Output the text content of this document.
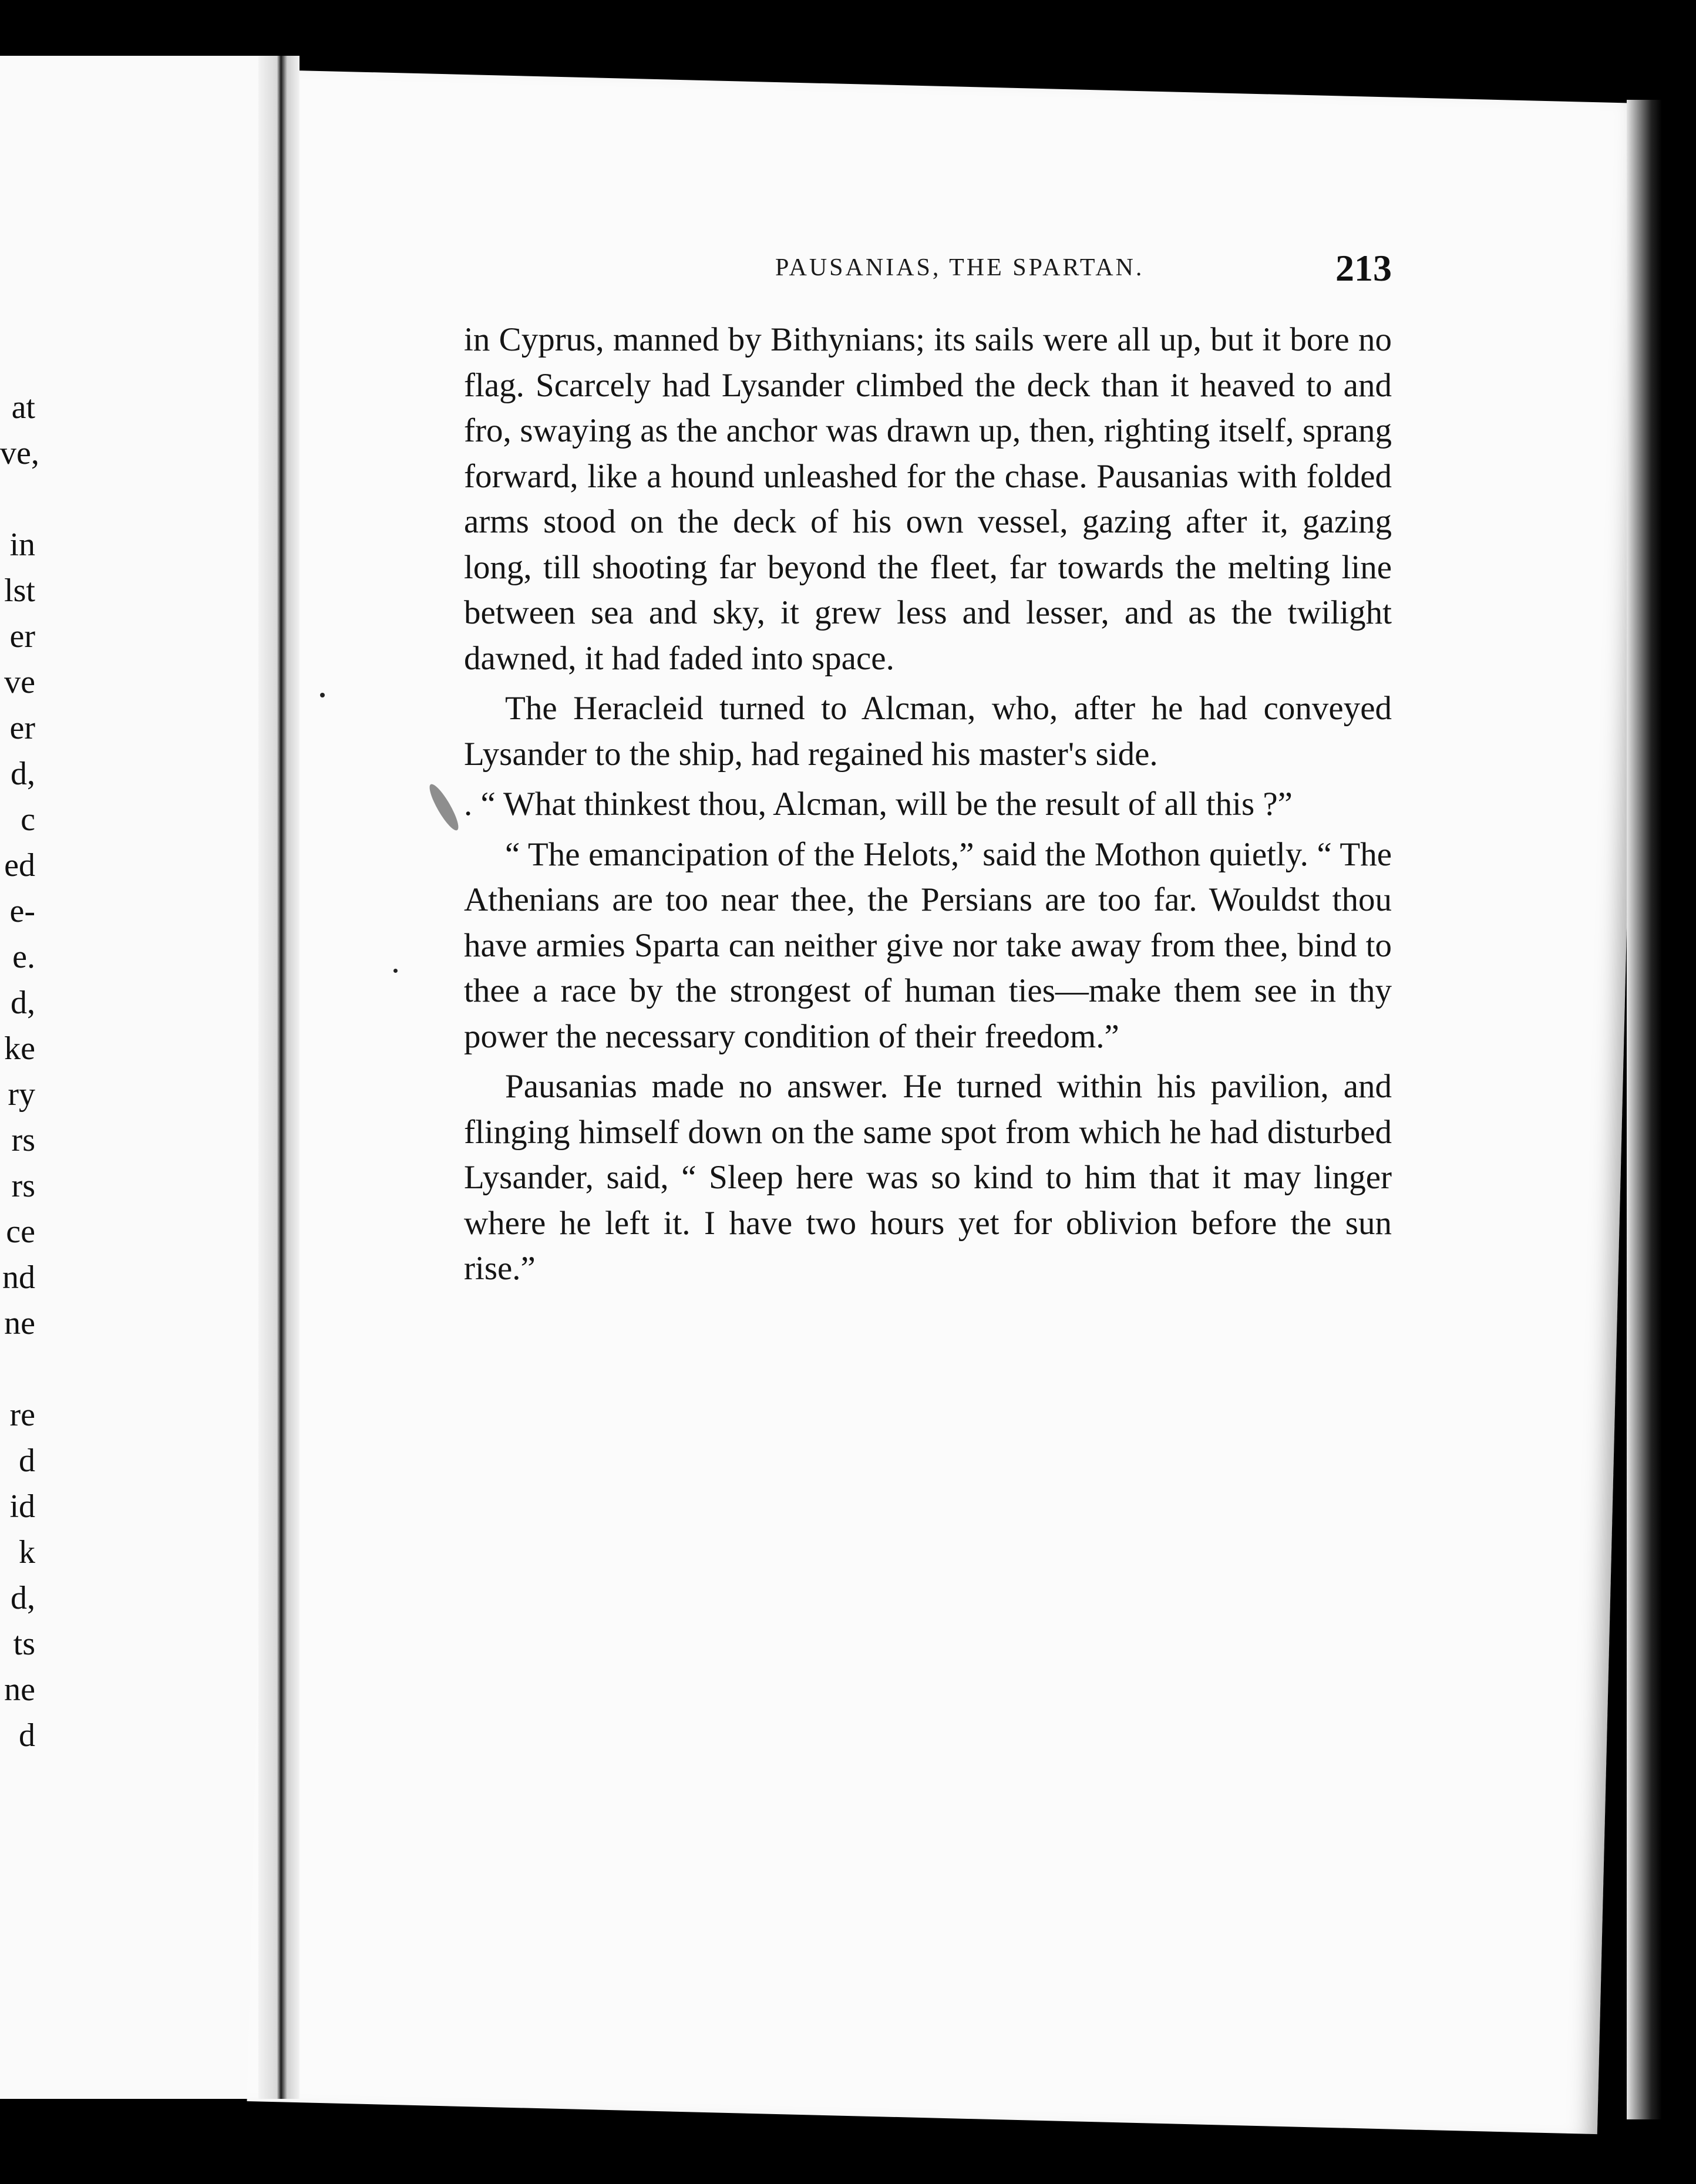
at
ve,
in
lst
er
ve
er
d,
c
ed
e-
e.
d,
ke
ry
rs
rs
ce
nd
ne
re
d
id
k
d,
ts
ne
d
PAUSANIAS, THE SPARTAN.	213

in Cyprus, manned by Bithynians; its sails were all up, but it bore no flag. Scarcely had Lysander climbed the deck than it heaved to and fro, swaying as the anchor was drawn up, then, righting itself, sprang forward, like a hound unleashed for the chase. Pausanias with folded arms stood on the deck of his own vessel, gazing after it, gazing long, till shooting far beyond the fleet, far towards the melting line between sea and sky, it grew less and lesser, and as the twilight dawned, it had faded into space.

The Heracleid turned to Alcman, who, after he had conveyed Lysander to the ship, had regained his master's side.

. “ What thinkest thou, Alcman, will be the result of all this ?”

“ The emancipation of the Helots,” said the Mothon quietly. “ The Athenians are too near thee, the Persians are too far. Wouldst thou have armies Sparta can neither give nor take away from thee, bind to thee a race by the strongest of human ties—make them see in thy power the necessary condition of their freedom.”

Pausanias made no answer. He turned within his pavilion, and flinging himself down on the same spot from which he had disturbed Lysander, said, “ Sleep here was so kind to him that it may linger where he left it. I have two hours yet for oblivion before the sun rise.”
